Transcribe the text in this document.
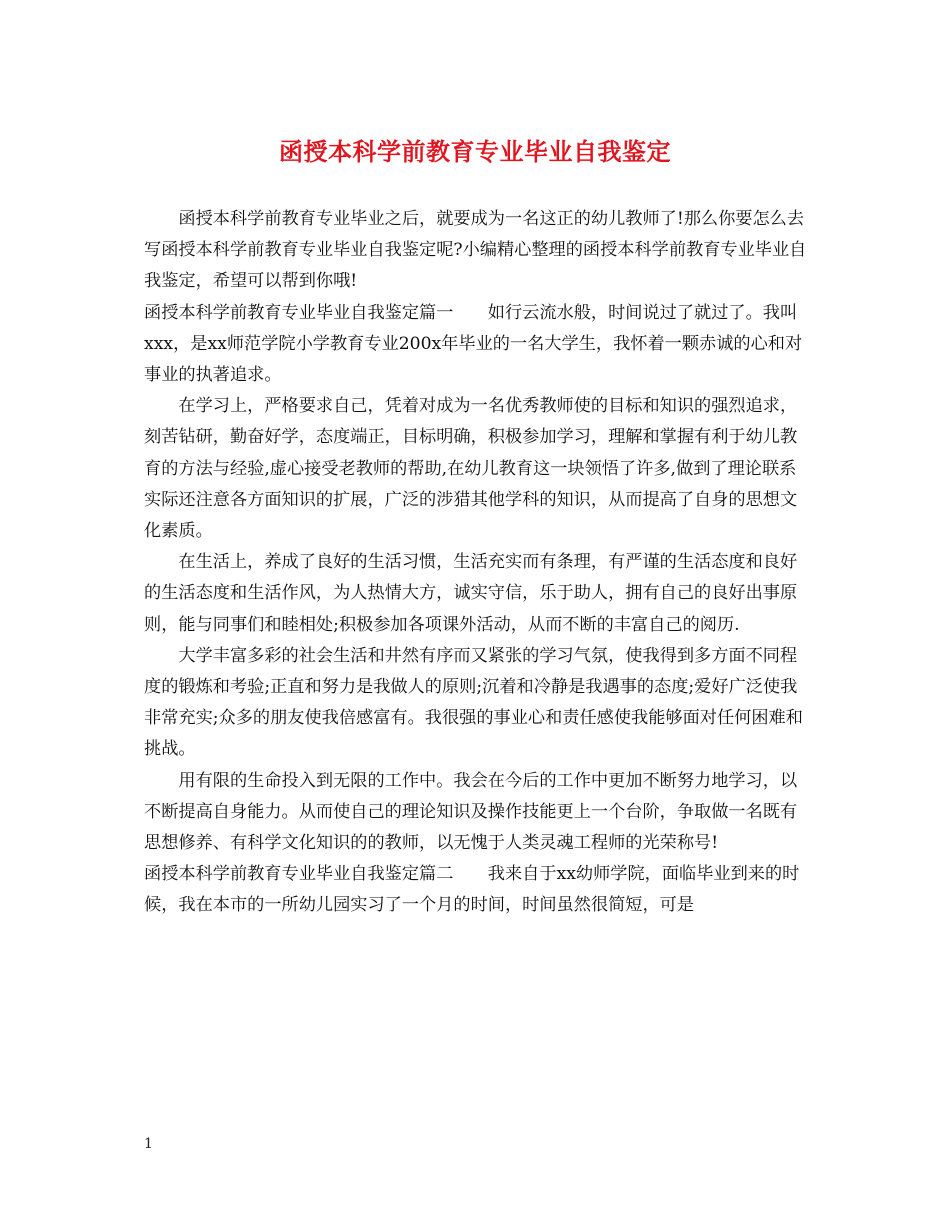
函授本科学前教育专业毕业自我鉴定

函授本科学前教育专业毕业之后，就要成为一名这正的幼儿教师了!那么你要怎么去写函授本科学前教育专业毕业自我鉴定呢?小编精心整理的函授本科学前教育专业毕业自我鉴定，希望可以帮到你哦!

函授本科学前教育专业毕业自我鉴定篇一　　如行云流水般，时间说过了就过了。我叫xxx，是xx师范学院小学教育专业200x年毕业的一名大学生，我怀着一颗赤诚的心和对事业的执著追求。

在学习上，严格要求自己，凭着对成为一名优秀教师使的目标和知识的强烈追求，刻苦钻研，勤奋好学，态度端正，目标明确，积极参加学习，理解和掌握有利于幼儿教育的方法与经验,虚心接受老教师的帮助,在幼儿教育这一块领悟了许多,做到了理论联系实际还注意各方面知识的扩展，广泛的涉猎其他学科的知识，从而提高了自身的思想文化素质。

在生活上，养成了良好的生活习惯，生活充实而有条理，有严谨的生活态度和良好的生活态度和生活作风，为人热情大方，诚实守信，乐于助人，拥有自己的良好出事原则，能与同事们和睦相处;积极参加各项课外活动，从而不断的丰富自己的阅历.

大学丰富多彩的社会生活和井然有序而又紧张的学习气氛，使我得到多方面不同程度的锻炼和考验;正直和努力是我做人的原则;沉着和冷静是我遇事的态度;爱好广泛使我非常充实;众多的朋友使我倍感富有。我很强的事业心和责任感使我能够面对任何困难和挑战。

用有限的生命投入到无限的工作中。我会在今后的工作中更加不断努力地学习，以不断提高自身能力。从而使自己的理论知识及操作技能更上一个台阶，争取做一名既有思想修养、有科学文化知识的的教师，以无愧于人类灵魂工程师的光荣称号!

函授本科学前教育专业毕业自我鉴定篇二　　我来自于xx幼师学院，面临毕业到来的时候，我在本市的一所幼儿园实习了一个月的时间，时间虽然很简短，可是

1
